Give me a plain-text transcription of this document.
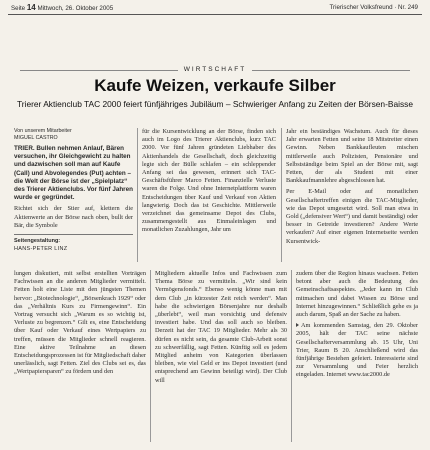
Seite 14 Mittwoch, 26. Oktober 2005	Trierischer Volksfreund · Nr. 249
WIRTSCHAFT
Kaufe Weizen, verkaufe Silber
Trierer Aktienclub TAC 2000 feiert fünfjähriges Jubiläum – Schwieriger Anfang zu Zeiten der Börsen-Baisse
Von unserem Mitarbeiter
MIGUEL CASTRO

TRIER. Bullen nehmen Anlauf, Bären versuchen, ihr Gleichgewicht zu halten und dazwischen soll man auf Kaufe (Call) und Abvolegendes (Put) achten – die Welt der Börse ist der „Spielplatz“ des Trierer Aktienclubs. Vor fünf Jahren wurde er gegründet.

Richtet sich der Stier auf, klettern die Aktienwerte an der Börse nach oben, bullt der Bär, die Symbole

Seitengestaltung:
HANS-PETER LINZ

für die Kursentwicklung an der Börse, finden sich auch im Logo des Trierer Aktienclubs, kurz TAC 2000. Vor fünf Jahren gründeten Liebhaber des Aktienhandels die Gesellschaft, doch gleichzeitig legte sich der Bülle schlafen – ein schleppender Anfang sei das gewesen, erinnert sich TAC-Geschäftsführer Marco Fetten. Finanzielle Verluste waren die Folge. Und ohne Internetplattform waren Entscheidungen über Kauf und Verkauf von Aktien langwierig. Doch das ist Geschichte. Mittlerweile verzeichnet das gemeinsame Depot des Clubs, zusammengestellt aus Einmaleinlagen und monatlichen Zuzahlungen, Jahr um

Jahr ein beständiges Wachstum. Auch für dieses Jahr erwarten Fetten und seine 18 Mitstreiter einen Gewinn. Neben Bankkaufleuten mischen mittlerweile auch Polizisten, Pensionäre und Selbstständige beim Spiel an der Börse mit, sagt Fetten, der als Student mit einer Bankkaufmannlehre abgeschlossen hat.

Per E-Mail oder auf monatlichen Gesellschaftertreffen einigen die TAC-Mitglieder, wie das Depot umgesetzt wird. Soll man etwa in Gold („defensiver Wert“) und damit beständig) oder besser in Getreide investieren? Andere Werte verkaufen? Auf einer eigenen Internetseite werden Kursentwick-

lungen diskutiert, mit selbst erstellten Vorträgen Fachwissen an die anderen Mitglieder vermittelt. Fetten holt eine Liste mit den jüngsten Themen hervor: „Biotechnologie“, „Börsenkrach 1929“ oder das „Verhältnis Kurs zu Firmengewinn“. Ein Vortrag versucht sich „Warum es so wichtig ist, Verluste zu begrenzen.“ Gilt es, eine Entscheidung über Kauf oder Verkauf eines Wertpapiers zu treffen, müssen die Mitglieder schnell reagieren. Eine aktive Teilnahme an diesen Entscheidungsprozessen ist für Mitgliedschaft daher unerlässlich, sagt Fetten. Ziel des Clubs sei es, das „Wertpapiersparen“ zu fördern und den

Mitgliedern aktuelle Infos und Fachwissen zum Thema Börse zu vermitteln. „Wir sind kein Vermögensfonds.“ Ebenso wenig könne man mit dem Club „in kürzester Zeit reich werden“. Man habe die schwierigen Börsenjahre nur deshalb „überlebt“, weil man vorsichtig und defensiv investiert habe. Und das soll auch so bleiben. Derzeit hat der TAC 19 Mitglieder. Mehr als 30 dürfen es nicht sein, da gesamte Club-Arbeit sonst zu schwerfällig, sagt Fetten. Künftig soll es jedem Mitglied anheim von Kategorien überlassen bleiben, wie viel Geld er ins Depot investiert (und entsprechend am Gewinn beteiligt wird). Der Club will

zudem über die Region hinaus wachsen. Fetten betont aber auch die Bedeutung des Gemeinschaftsaspektes. „Jeder kann im Club mitmachen und dabei Wissen zu Börse und Internet hinzugewinnen.“ Schließlich gehe es ja auch darum, Spaß an der Sache zu haben.

Am kommenden Samstag, den 29. Oktober 2005, hält der TAC seine nächste Gesellschafterversammlung ab. 15 Uhr, Uni Trier, Raum B 20. Anschließend wird das fünfjährige Bestehen gefeiert. Interessierte sind zur Versammlung und Feier herzlich eingeladen. Internet www.tac2000.de
